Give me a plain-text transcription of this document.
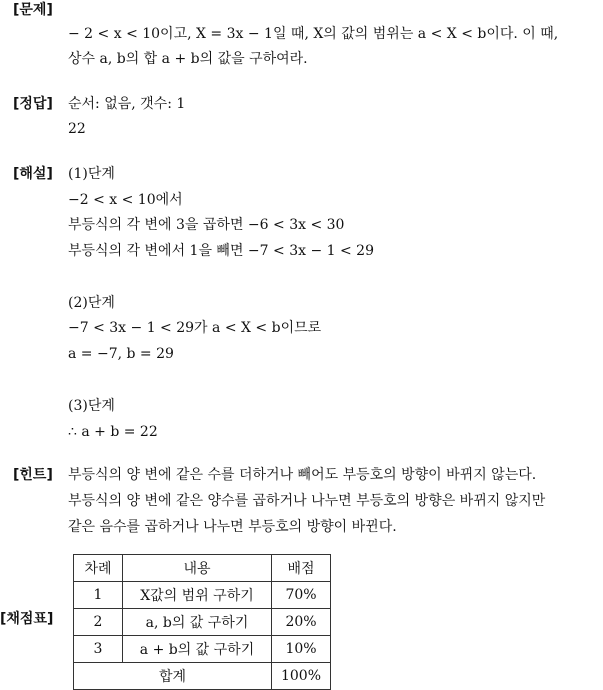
[문제]
− 2 < x < 10이고, X = 3x − 1일 때, X의 값의 범위는 a < X < b이다. 이 때,
상수 a, b의 합 a + b의 값을 구하여라.
[정답] 순서: 없음, 갯수: 1
22
[해설] (1)단계
−2 < x < 10에서
부등식의 각 변에 3을 곱하면 −6 < 3x < 30
부등식의 각 변에서 1을 빼면 −7 < 3x − 1 < 29
(2)단계
−7 < 3x − 1 < 29가 a < X < b이므로
a = −7, b = 29
(3)단계
∴ a + b = 22
[힌트] 부등식의 양 변에 같은 수를 더하거나 빼어도 부등호의 방향이 바뀌지 않는다.
부등식의 양 변에 같은 양수를 곱하거나 나누면 부등호의 방향은 바뀌지 않지만
같은 음수를 곱하거나 나누면 부등호의 방향이 바뀐다.
[채점표]
차례	내용	배점
1	X값의 범위 구하기	70%
2	a, b의 값 구하기	20%
3	a + b의 값 구하기	10%
합계		100%
